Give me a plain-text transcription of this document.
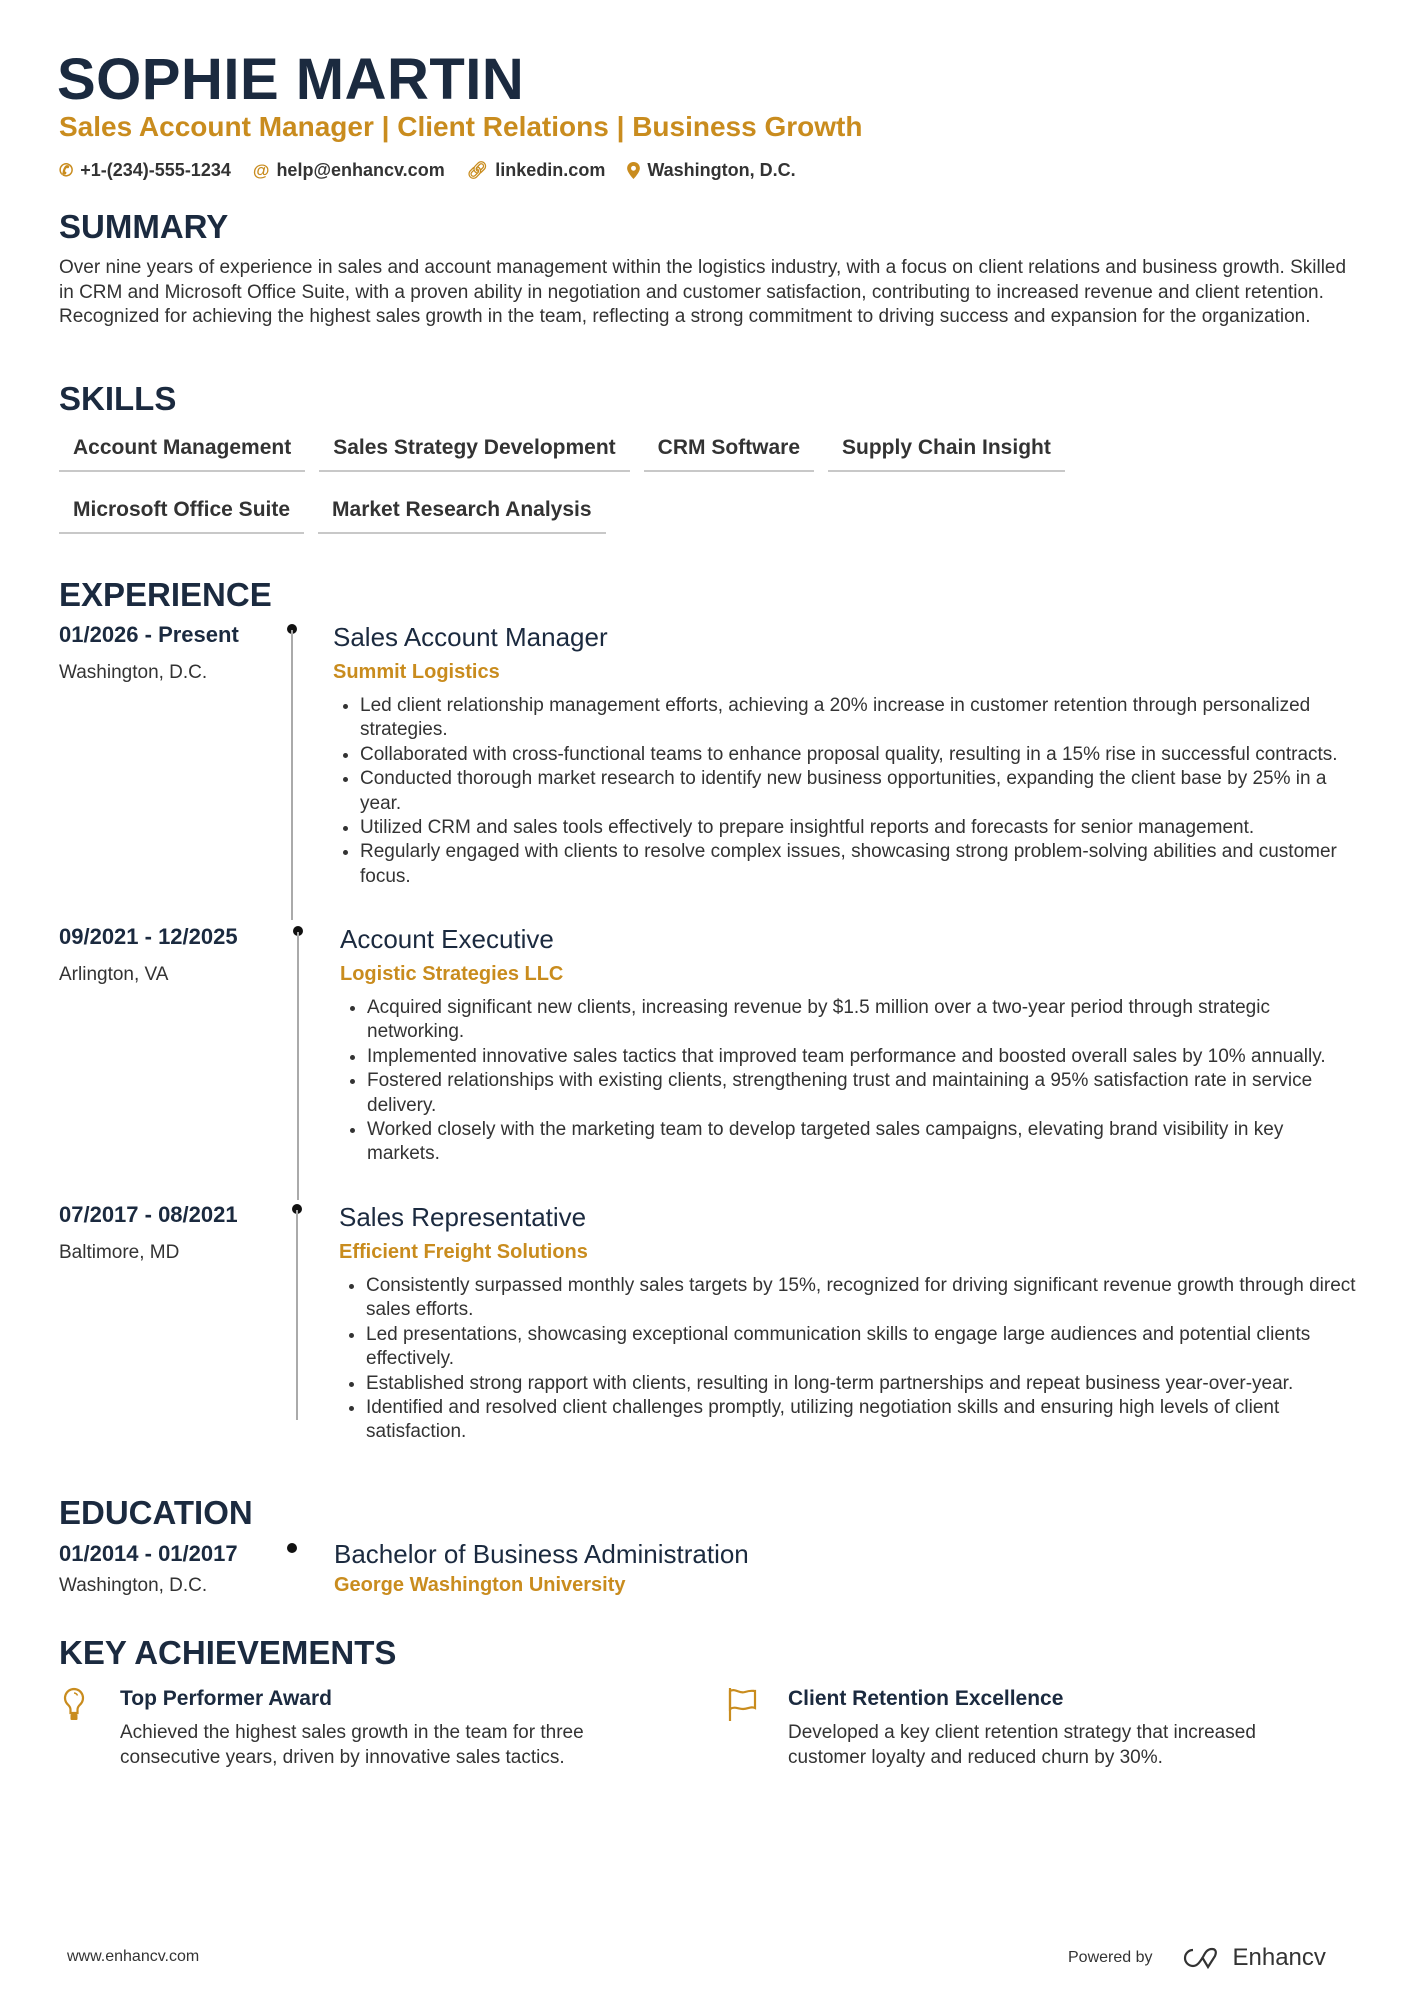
SOPHIE MARTIN
Sales Account Manager | Client Relations | Business Growth
✆ +1-(234)-555-1234 @ help@enhancv.com 🔗︎ linkedin.com Washington, D.C.
SUMMARY
Over nine years of experience in sales and account management within the logistics industry, with a focus on client relations and business growth. Skilled in CRM and Microsoft Office Suite, with a proven ability in negotiation and customer satisfaction, contributing to increased revenue and client retention. Recognized for achieving the highest sales growth in the team, reflecting a strong commitment to driving success and expansion for the organization.
SKILLS
Account Management	Sales Strategy Development	CRM Software	Supply Chain Insight
Microsoft Office Suite	Market Research Analysis
EXPERIENCE
01/2026 - Present
Washington, D.C.
Sales Account Manager
Summit Logistics
• Led client relationship management efforts, achieving a 20% increase in customer retention through personalized strategies.
• Collaborated with cross-functional teams to enhance proposal quality, resulting in a 15% rise in successful contracts.
• Conducted thorough market research to identify new business opportunities, expanding the client base by 25% in a year.
• Utilized CRM and sales tools effectively to prepare insightful reports and forecasts for senior management.
• Regularly engaged with clients to resolve complex issues, showcasing strong problem-solving abilities and customer focus.
09/2021 - 12/2025
Arlington, VA
Account Executive
Logistic Strategies LLC
• Acquired significant new clients, increasing revenue by $1.5 million over a two-year period through strategic networking.
• Implemented innovative sales tactics that improved team performance and boosted overall sales by 10% annually.
• Fostered relationships with existing clients, strengthening trust and maintaining a 95% satisfaction rate in service delivery.
• Worked closely with the marketing team to develop targeted sales campaigns, elevating brand visibility in key markets.
07/2017 - 08/2021
Baltimore, MD
Sales Representative
Efficient Freight Solutions
• Consistently surpassed monthly sales targets by 15%, recognized for driving significant revenue growth through direct sales efforts.
• Led presentations, showcasing exceptional communication skills to engage large audiences and potential clients effectively.
• Established strong rapport with clients, resulting in long-term partnerships and repeat business year-over-year.
• Identified and resolved client challenges promptly, utilizing negotiation skills and ensuring high levels of client satisfaction.
EDUCATION
01/2014 - 01/2017
Washington, D.C.
Bachelor of Business Administration
George Washington University
KEY ACHIEVEMENTS
Top Performer Award
Achieved the highest sales growth in the team for three consecutive years, driven by innovative sales tactics.
Client Retention Excellence
Developed a key client retention strategy that increased customer loyalty and reduced churn by 30%.
www.enhancv.com	Powered by	Enhancv
